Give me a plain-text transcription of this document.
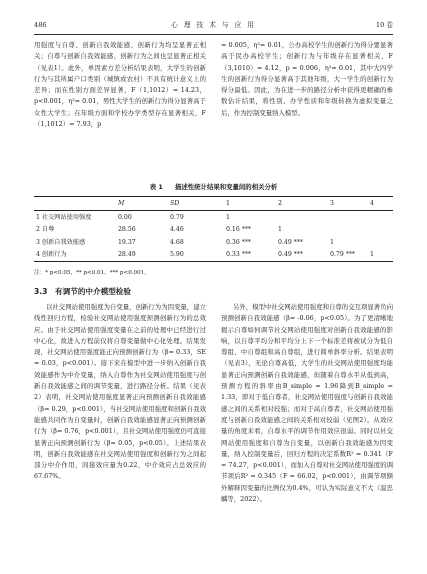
486	心 理 技 术 与 应 用	10 卷

用强度与自尊、创新自我效能感、创新行为均呈显著正相关；自尊与创新自我效能感、创新行为之间也呈显著正相关（见表1）。此外，单因素方差分析结果表明，大学生的创新行为与其所属户口类别（城镇或农村）不具有统计意义上的差异；而在性别方面差异显著，F（1,1012）= 14.23，p<0.001，η²= 0.01，男性大学生的创新行为得分显著高于女性大学生；在年级方面和学校办学类型存在显著相关，F（1,1012）= 7.93，p

= 0.005，η²= 0.01，公办高校学生的创新行为得分要显著高于民办高校学生；创新行为与年级存在显著相关，F（3,1010）= 4.12，p = 0.006，η²= 0.01，其中大四学生的创新行为得分显著高于其他年级，大一学生的创新行为得分最低。因此，为在进一步的路径分析中获得更精确的参数估计结果，将性别、办学性质和年级转换为虚拟变量之后，作为控制变量纳入模型。

表 1 描述性统计结果和变量间的相关分析
	M	SD	1	2	3	4
1 社交网站使用强度	0.00	0.79	1			
2 自尊	28.56	4.46	0.16 ***	1		
3 创新自我效能感	19.37	4.68	0.36 ***	0.49 ***	1	
4 创新行为	28.49	5.90	0.33 ***	0.49 ***	0.79 ***	1
注：* p<0.05，** p<0.01，*** p<0.001。
3.3　有调节的中介模型检验

以社交网站使用强度为自变量，创新行为为因变量，建立线性回归方程，检验社交网站使用强度预测创新行为的总效应。由于社交网站使用强度变量在之前的处理中已经进行过中心化，故进入方程前仅将自尊变量做中心化处理。结果发现，社交网站使用强度能正向预测创新行为（β= 0.33，SE = 0.03，p<0.001）。接下来在模型中进一步纳入创新自我效能感作为中介变量，纳入自尊作为社交网站使用强度与创新自我效能感之间的调节变量，进行路径分析。结果（见表2）表明，社交网站使用强度显著正向预测创新自我效能感（β= 0.29，p<0.001），当社交网站使用强度和创新自我效能感共同作为自变量时，创新自我效能感显著正向预测创新行为（β= 0.76，p<0.001），且社交网站使用强度仍可直接显著正向预测创新行为（β= 0.05，p<0.05）。上述结果表明，创新自我效能感在社交网站使用强度和创新行为之间起部分中介作用，间接效应量为0.22，中介效应占总效应的67.67%。

另外，模型中社交网站使用强度和自尊的交互项显著负向预测创新自我效能感（β= -0.06，p<0.05）。为了更清晰地揭示自尊如何调节社交网站使用强度对创新自我效能感的影响，以自尊平均分和平均分上下一个标准差将被试分为低自尊组、中自尊组和高自尊组，进行简单斜率分析。结果表明（见表3），无论自尊高低，大学生的社交网站使用强度均能显著正向预测创新自我效能感，但随着自尊水平从低到高，预测方程的斜率由B_simple = 1.96降到B_simple = 1.33，即对于低自尊者，社交网站使用强度与创新自我效能感之间的关系相对较强；而对于高自尊者，社交网站使用强度与创新自我效能感之间的关系相对较弱（见图2）。从效应量的角度来看，自尊水平的调节作用效应很弱。同时以社交网站使用强度和自尊为自变量，以创新自我效能感为因变量，纳入控制变量后，回归方程的决定系数R² = 0.341（F = 74.27，p<0.001），而加入自尊对社交网站使用强度的调节项后R² = 0.345（F = 66.02，p<0.001），由调节项额外解释因变量的比例仅为0.4%，可认为实际意义不大（温忠麟等，2022）。
